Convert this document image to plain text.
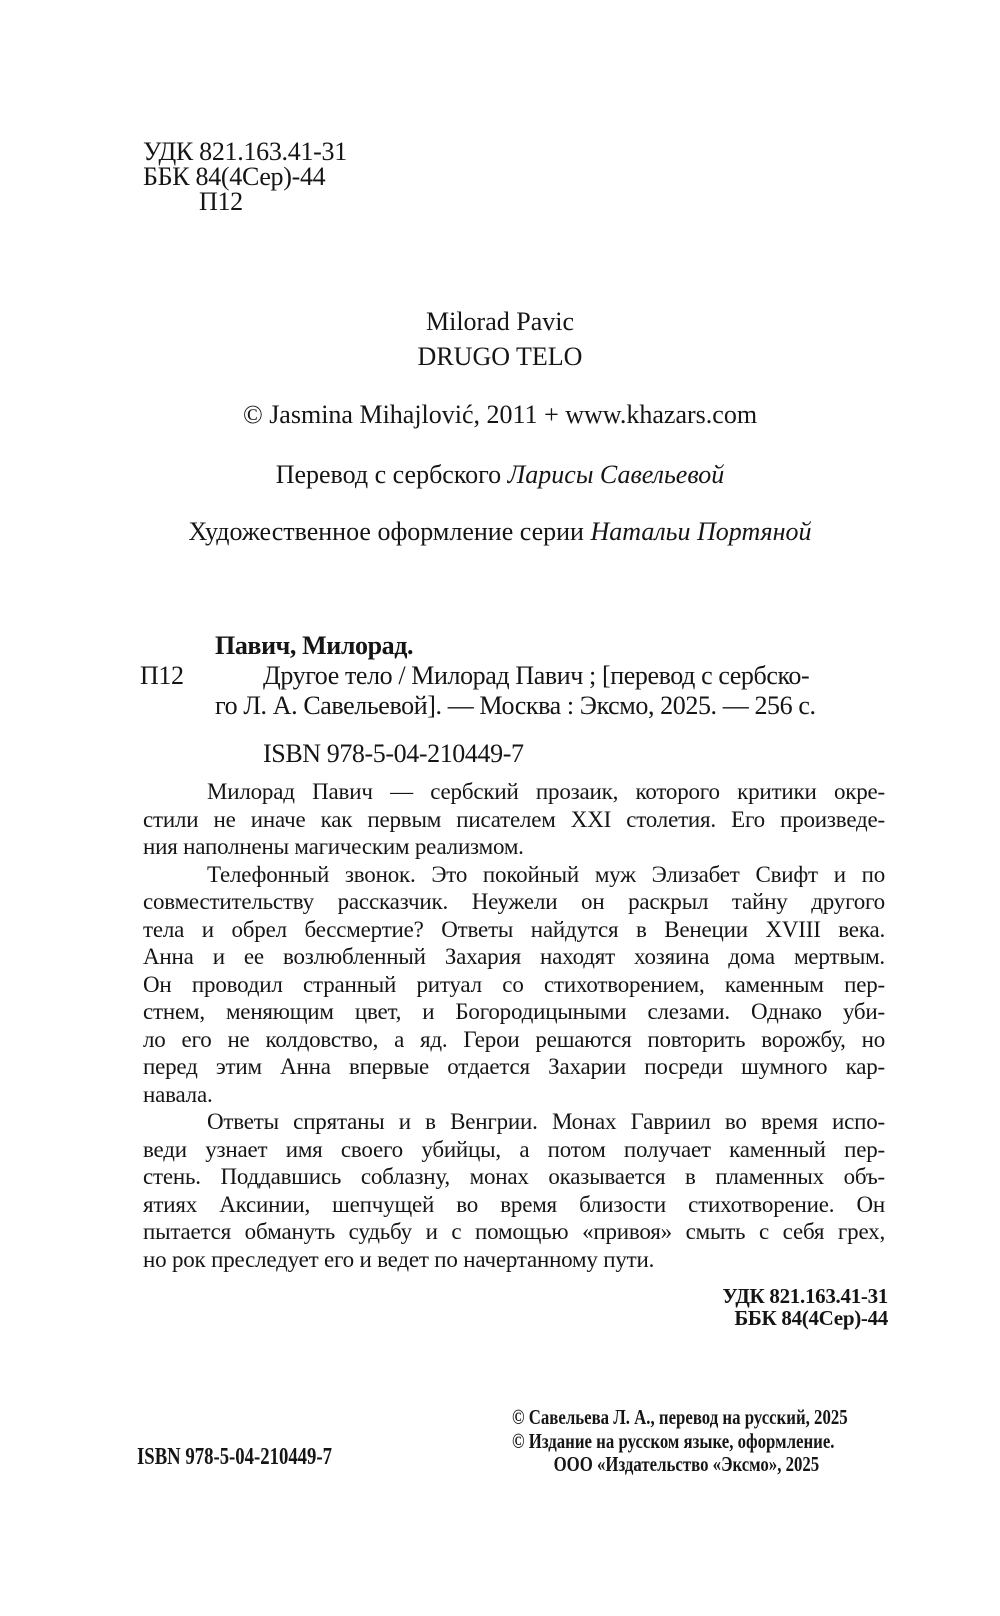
УДК 821.163.41-31
ББК 84(4Сер)-44
П12
Milorad Pavic
DRUGO TELO
© Jasmina Mihajlović, 2011 + www.khazars.com
Перевод с сербского Ларисы Савельевой
Художественное оформление серии Натальи Портяной
П12
Павич, Милорад.
Другое тело / Милорад Павич ; [перевод с сербско-
го Л. А. Савельевой]. — Москва : Эксмо, 2025. — 256 с.
ISBN 978-5-04-210449-7
Милорад Павич — сербский прозаик, которого критики окре-
стили не иначе как первым писателем XXI столетия. Его произведе-
ния наполнены магическим реализмом.
Телефонный звонок. Это покойный муж Элизабет Свифт и по
совместительству рассказчик. Неужели он раскрыл тайну другого
тела и обрел бессмертие? Ответы найдутся в Венеции XVIII века.
Анна и ее возлюбленный Захария находят хозяина дома мертвым.
Он проводил странный ритуал со стихотворением, каменным пер-
стнем, меняющим цвет, и Богородицыными слезами. Однако уби-
ло его не колдовство, а яд. Герои решаются повторить ворожбу, но
перед этим Анна впервые отдается Захарии посреди шумного кар-
навала.
Ответы спрятаны и в Венгрии. Монах Гавриил во время испо-
веди узнает имя своего убийцы, а потом получает каменный пер-
стень. Поддавшись соблазну, монах оказывается в пламенных объ-
ятиях Аксинии, шепчущей во время близости стихотворение. Он
пытается обмануть судьбу и с помощью «привоя» смыть с себя грех,
но рок преследует его и ведет по начертанному пути.
УДК 821.163.41-31
ББК 84(4Сер)-44
ISBN 978-5-04-210449-7
© Савельева Л. А., перевод на русский, 2025
© Издание на русском языке, оформление.
ООО «Издательство «Эксмо», 2025
